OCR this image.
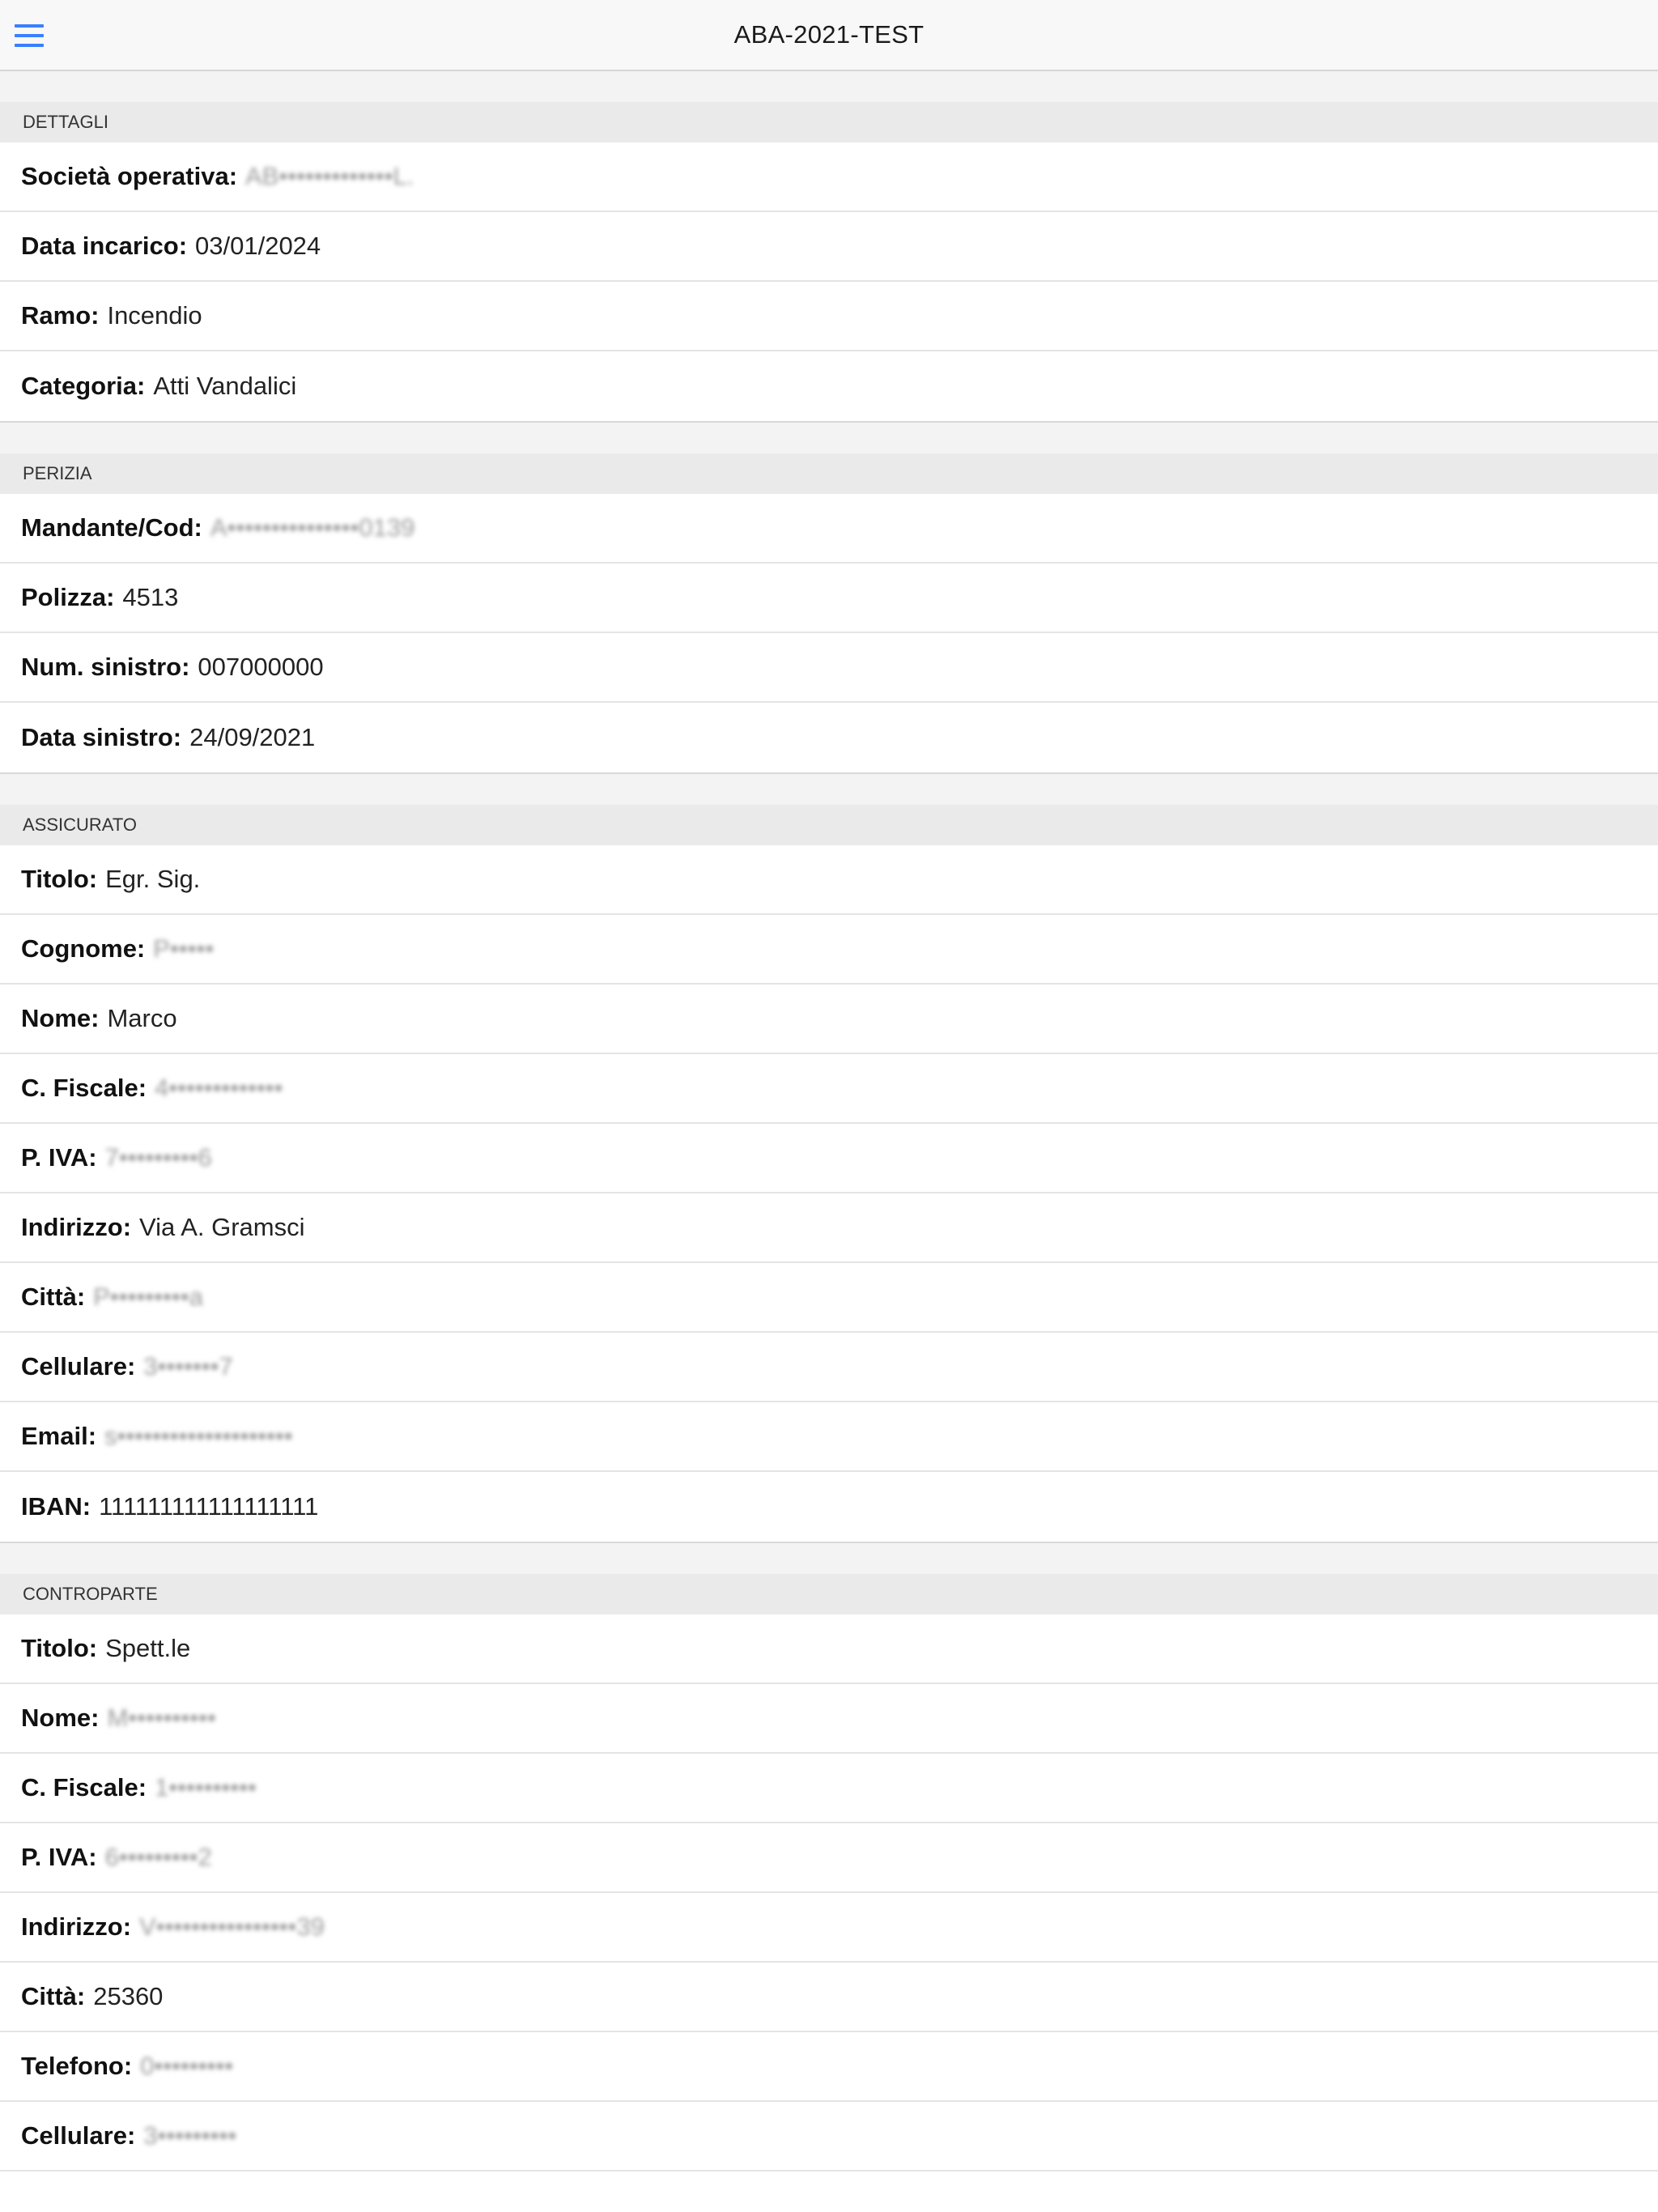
ABA-2021-TEST
DETTAGLI
Società operativa: AB•••••••••••••L.
Data incarico: 03/01/2024
Ramo: Incendio
Categoria: Atti Vandalici
PERIZIA
Mandante/Cod: A•••••••••••••••0139
Polizza: 4513
Num. sinistro: 007000000
Data sinistro: 24/09/2021
ASSICURATO
Titolo: Egr. Sig.
Cognome: P•••••
Nome: Marco
C. Fiscale: 4•••••••••••••
P. IVA: 7•••••••••6
Indirizzo: Via A. Gramsci
Città: P•••••••••a
Cellulare: 3•••••••7
Email: s••••••••••••••••••••
IBAN: 111111111111111111
CONTROPARTE
Titolo: Spett.le
Nome: M••••••••••
C. Fiscale: 1••••••••••
P. IVA: 6•••••••••2
Indirizzo: V••••••••••••••••39
Città: 25360
Telefono: 0•••••••••
Cellulare: 3•••••••••
